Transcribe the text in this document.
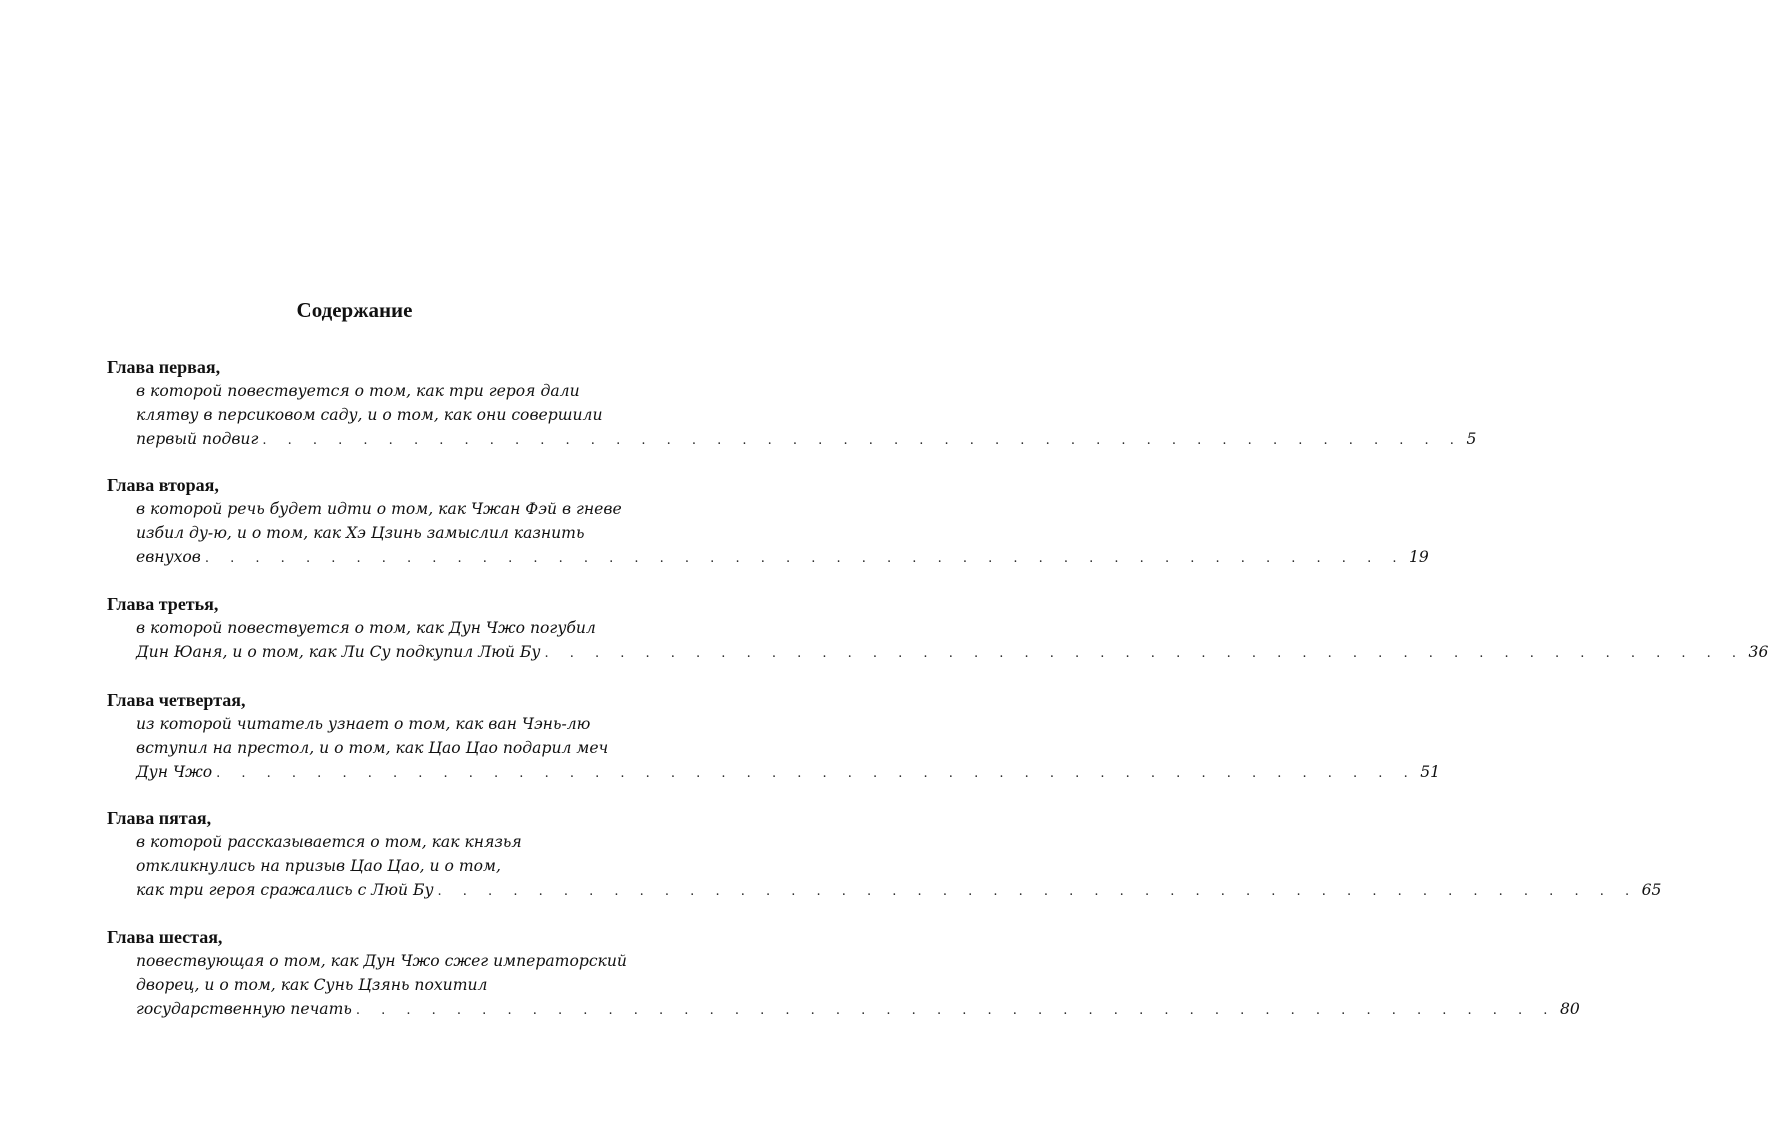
Содержание
Глава первая,
в которой повествуется о том, как три героя дали
клятву в персиковом саду, и о том, как они совершили
первый подвиг . . . . . . . . . . . . . . . . . . . . . . . . . . . . . . . . . . . . . . . . . . . . . . . . 5
Глава вторая,
в которой речь будет идти о том, как Чжан Фэй в гневе
избил ду-ю, и о том, как Хэ Цзинь замыслил казнить
евнухов . . . . . . . . . . . . . . . . . . . . . . . . . . . . . . . . . . . . . . . . . . . . . . . . 19
Глава третья,
в которой повествуется о том, как Дун Чжо погубил
Дин Юаня, и о том, как Ли Су подкупил Люй Бу . . . . . . . . . . . . . . . . . . . . . . . . . . . . . . . . . . . . . . . . . . . . . . . . 36
Глава четвертая,
из которой читатель узнает о том, как ван Чэнь-лю
вступил на престол, и о том, как Цао Цао подарил меч
Дун Чжо . . . . . . . . . . . . . . . . . . . . . . . . . . . . . . . . . . . . . . . . . . . . . . . . 51
Глава пятая,
в которой рассказывается о том, как князья
откликнулись на призыв Цао Цао, и о том,
как три героя сражались с Люй Бу . . . . . . . . . . . . . . . . . . . . . . . . . . . . . . . . . . . . . . . . . . . . . . . . 65
Глава шестая,
повествующая о том, как Дун Чжо сжег императорский
дворец, и о том, как Сунь Цзянь похитил
государственную печать . . . . . . . . . . . . . . . . . . . . . . . . . . . . . . . . . . . . . . . . . . . . . . . . 80
